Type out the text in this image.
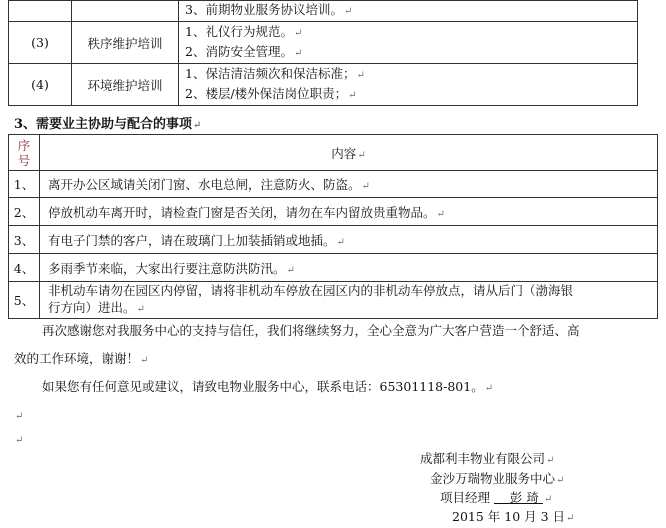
		3、前期物业服务协议培训。↵
(3)	秩序维护培训	1、礼仪行为规范。↵
2、消防安全管理。↵

(4)	环境维护培训	1、保洁清洁频次和保洁标准；↵
2、楼层/楼外保洁岗位职责；↵
3、需要业主协助与配合的事项↵
序号	内容↵
1、	离开办公区域请关闭门窗、水电总闸，注意防火、防盗。↵
2、	停放机动车离开时，请检查门窗是否关闭，请勿在车内留放贵重物品。↵
3、	有电子门禁的客户，请在玻璃门上加装插销或地插。↵
4、	多雨季节来临，大家出行要注意防洪防汛。↵
5、	非机动车请勿在园区内停留，请将非机动车停放在园区内的非机动车停放点，请从后门（渤海银
行方向）进出。↵
再次感谢您对我服务中心的支持与信任，我们将继续努力，全心全意为广大客户营造一个舒适、高
效的工作环境，谢谢！↵
如果您有任何意见或建议，请致电物业服务中心，联系电话：65301118-801。↵
↵
↵
成都利丰物业有限公司↵
金沙万瑞物业服务中心↵
项目经理 彭 琦 ↵
2015 年 10 月 3 日↵
